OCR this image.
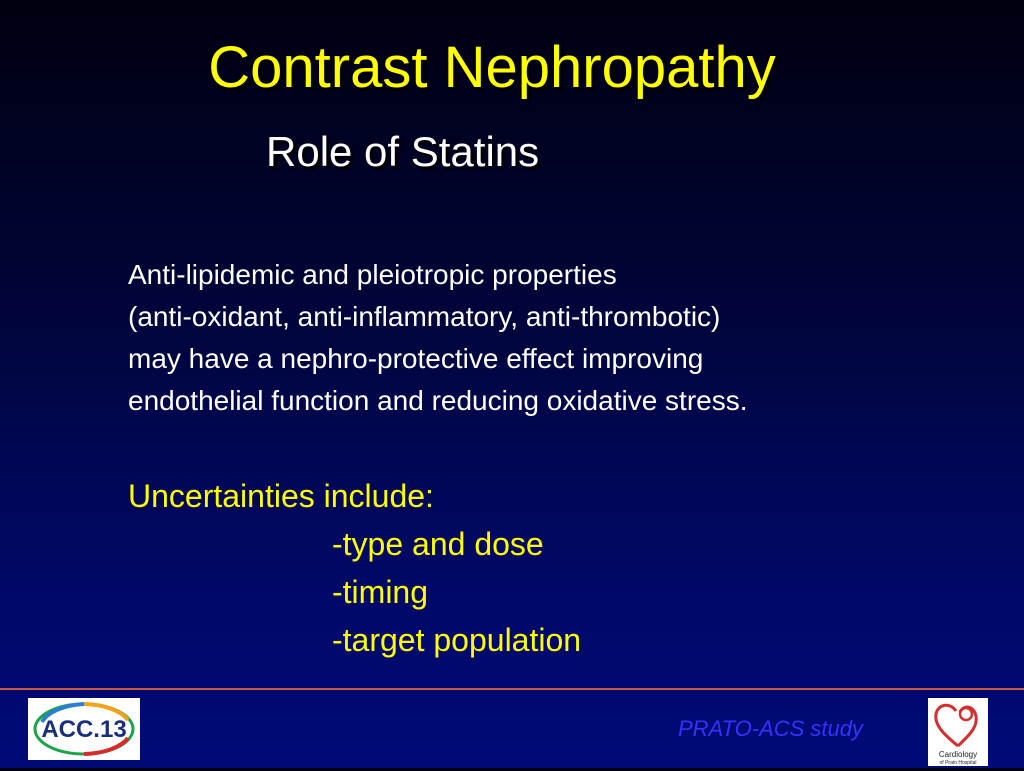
Contrast Nephropathy
Role of Statins
Anti-lipidemic and pleiotropic properties
(anti-oxidant, anti-inflammatory, anti-thrombotic)
may have a nephro-protective effect improving
endothelial function and reducing oxidative stress.
Uncertainties include:
-type and dose
-timing
-target population
ACC.13	PRATO-ACS study
Cardiology
of Prato Hospital
